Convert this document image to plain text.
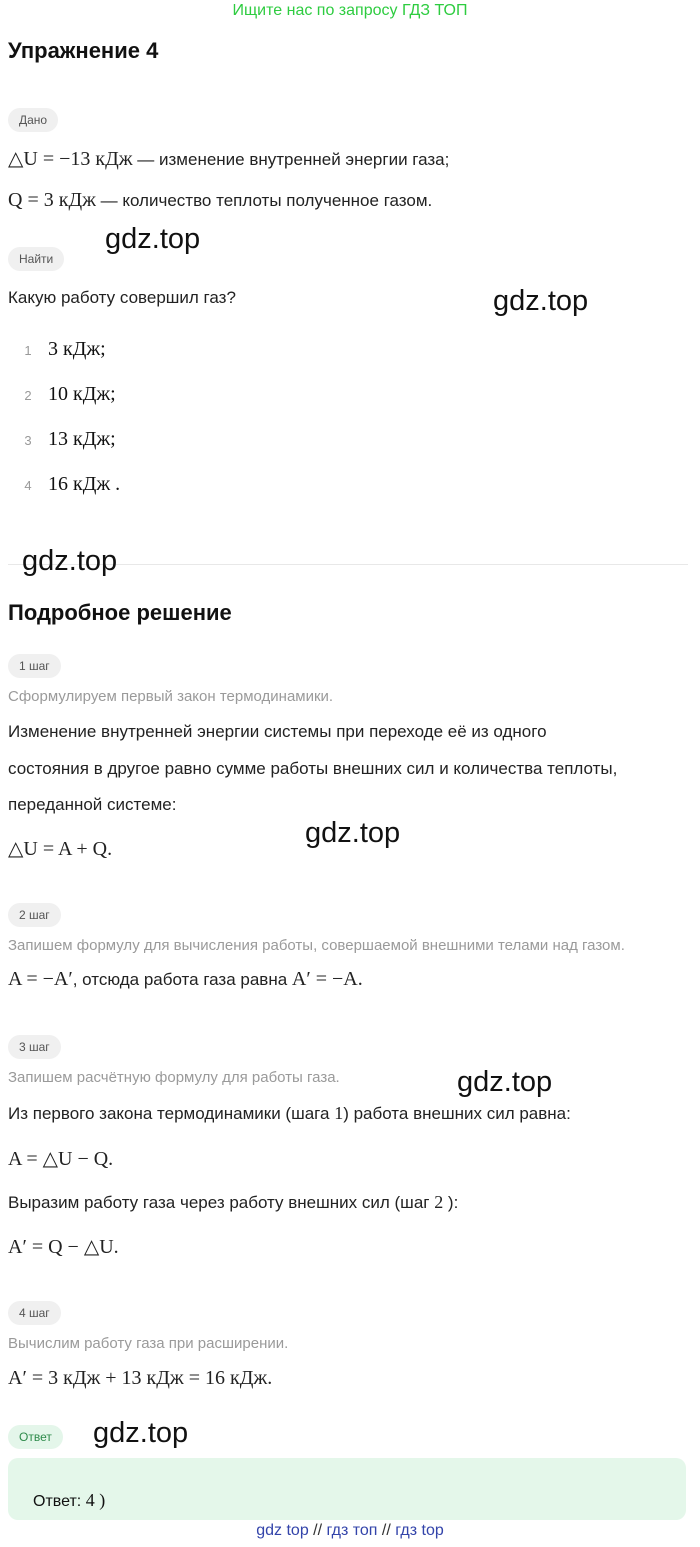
Ищите нас по запросу ГДЗ ТОП
Упражнение 4
Дано
△U = −13 кДж — изменение внутренней энергии газа;
Q = 3 кДж — количество теплоты полученное газом.
Найти
Какую работу совершил газ?
1 3 кДж;
2 10 кДж;
3 13 кДж;
4 16 кДж .
Подробное решение
1 шаг
Сформулируем первый закон термодинамики.
Изменение внутренней энергии системы при переходе её из одного
состояния в другое равно сумме работы внешних сил и количества теплоты,
переданной системе:
△U = A + Q.
2 шаг
Запишем формулу для вычисления работы, совершаемой внешними телами над газом.
A = −A′, отсюда работа газа равна A′ = −A.
3 шаг
Запишем расчётную формулу для работы газа.
Из первого закона термодинамики (шага 1) работа внешних сил равна:
A = △U − Q.
Выразим работу газа через работу внешних сил (шаг 2 ):
A′ = Q − △U.
4 шаг
Вычислим работу газа при расширении.
A′ = 3 кДж + 13 кДж = 16 кДж.
Ответ
Ответ: 4 )
gdz.top
gdz.top
gdz.top
gdz.top
gdz.top
gdz.top
gdz top // гдз топ // гдз top
